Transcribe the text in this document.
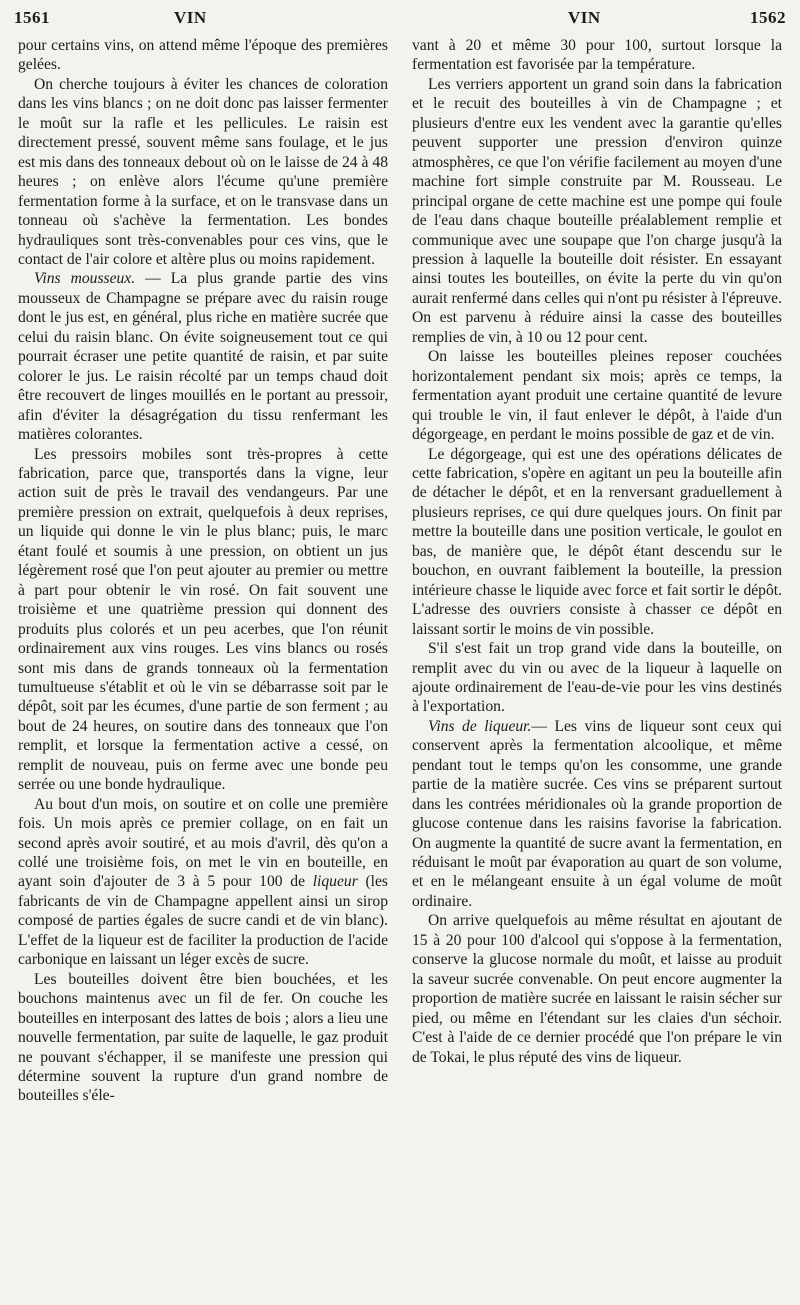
1561	VIN	VIN	1562

pour certains vins, on attend même l'époque des premières gelées.

On cherche toujours à éviter les chances de coloration dans les vins blancs ; on ne doit donc pas laisser fermenter le moût sur la rafle et les pellicules. Le raisin est directement pressé, souvent même sans foulage, et le jus est mis dans des tonneaux debout où on le laisse de 24 à 48 heures ; on enlève alors l'écume qu'une première fermentation forme à la surface, et on le transvase dans un tonneau où s'achève la fermentation. Les bondes hydrauliques sont très-convenables pour ces vins, que le contact de l'air colore et altère plus ou moins rapidement.

Vins mousseux. — La plus grande partie des vins mousseux de Champagne se prépare avec du raisin rouge dont le jus est, en général, plus riche en matière sucrée que celui du raisin blanc. On évite soigneusement tout ce qui pourrait écraser une petite quantité de raisin, et par suite colorer le jus. Le raisin récolté par un temps chaud doit être recouvert de linges mouillés en le portant au pressoir, afin d'éviter la désagrégation du tissu renfermant les matières colorantes.

Les pressoirs mobiles sont très-propres à cette fabrication, parce que, transportés dans la vigne, leur action suit de près le travail des vendangeurs. Par une première pression on extrait, quelquefois à deux reprises, un liquide qui donne le vin le plus blanc; puis, le marc étant foulé et soumis à une pression, on obtient un jus légèrement rosé que l'on peut ajouter au premier ou mettre à part pour obtenir le vin rosé. On fait souvent une troisième et une quatrième pression qui donnent des produits plus colorés et un peu acerbes, que l'on réunit ordinairement aux vins rouges. Les vins blancs ou rosés sont mis dans de grands tonneaux où la fermentation tumultueuse s'établit et où le vin se débarrasse soit par le dépôt, soit par les écumes, d'une partie de son ferment ; au bout de 24 heures, on soutire dans des tonneaux que l'on remplit, et lorsque la fermentation active a cessé, on remplit de nouveau, puis on ferme avec une bonde peu serrée ou une bonde hydraulique.

Au bout d'un mois, on soutire et on colle une première fois. Un mois après ce premier collage, on en fait un second après avoir soutiré, et au mois d'avril, dès qu'on a collé une troisième fois, on met le vin en bouteille, en ayant soin d'ajouter de 3 à 5 pour 100 de liqueur (les fabricants de vin de Champagne appellent ainsi un sirop composé de parties égales de sucre candi et de vin blanc). L'effet de la liqueur est de faciliter la production de l'acide carbonique en laissant un léger excès de sucre.

Les bouteilles doivent être bien bouchées, et les bouchons maintenus avec un fil de fer. On couche les bouteilles en interposant des lattes de bois ; alors a lieu une nouvelle fermentation, par suite de laquelle, le gaz produit ne pouvant s'échapper, il se manifeste une pression qui détermine souvent la rupture d'un grand nombre de bouteilles s'éle-

vant à 20 et même 30 pour 100, surtout lorsque la fermentation est favorisée par la température.

Les verriers apportent un grand soin dans la fabrication et le recuit des bouteilles à vin de Champagne ; et plusieurs d'entre eux les vendent avec la garantie qu'elles peuvent supporter une pression d'environ quinze atmosphères, ce que l'on vérifie facilement au moyen d'une machine fort simple construite par M. Rousseau. Le principal organe de cette machine est une pompe qui foule de l'eau dans chaque bouteille préalablement remplie et communique avec une soupape que l'on charge jusqu'à la pression à laquelle la bouteille doit résister. En essayant ainsi toutes les bouteilles, on évite la perte du vin qu'on aurait renfermé dans celles qui n'ont pu résister à l'épreuve. On est parvenu à réduire ainsi la casse des bouteilles remplies de vin, à 10 ou 12 pour cent.

On laisse les bouteilles pleines reposer couchées horizontalement pendant six mois; après ce temps, la fermentation ayant produit une certaine quantité de levure qui trouble le vin, il faut enlever le dépôt, à l'aide d'un dégorgeage, en perdant le moins possible de gaz et de vin.

Le dégorgeage, qui est une des opérations délicates de cette fabrication, s'opère en agitant un peu la bouteille afin de détacher le dépôt, et en la renversant graduellement à plusieurs reprises, ce qui dure quelques jours. On finit par mettre la bouteille dans une position verticale, le goulot en bas, de manière que, le dépôt étant descendu sur le bouchon, en ouvrant faiblement la bouteille, la pression intérieure chasse le liquide avec force et fait sortir le dépôt. L'adresse des ouvriers consiste à chasser ce dépôt en laissant sortir le moins de vin possible.

S'il s'est fait un trop grand vide dans la bouteille, on remplit avec du vin ou avec de la liqueur à laquelle on ajoute ordinairement de l'eau-de-vie pour les vins destinés à l'exportation.

Vins de liqueur.— Les vins de liqueur sont ceux qui conservent après la fermentation alcoolique, et même pendant tout le temps qu'on les consomme, une grande partie de la matière sucrée. Ces vins se préparent surtout dans les contrées méridionales où la grande proportion de glucose contenue dans les raisins favorise la fabrication. On augmente la quantité de sucre avant la fermentation, en réduisant le moût par évaporation au quart de son volume, et en le mélangeant ensuite à un égal volume de moût ordinaire.

On arrive quelquefois au même résultat en ajoutant de 15 à 20 pour 100 d'alcool qui s'oppose à la fermentation, conserve la glucose normale du moût, et laisse au produit la saveur sucrée convenable. On peut encore augmenter la proportion de matière sucrée en laissant le raisin sécher sur pied, ou même en l'étendant sur les claies d'un séchoir. C'est à l'aide de ce dernier procédé que l'on prépare le vin de Tokai, le plus réputé des vins de liqueur.
